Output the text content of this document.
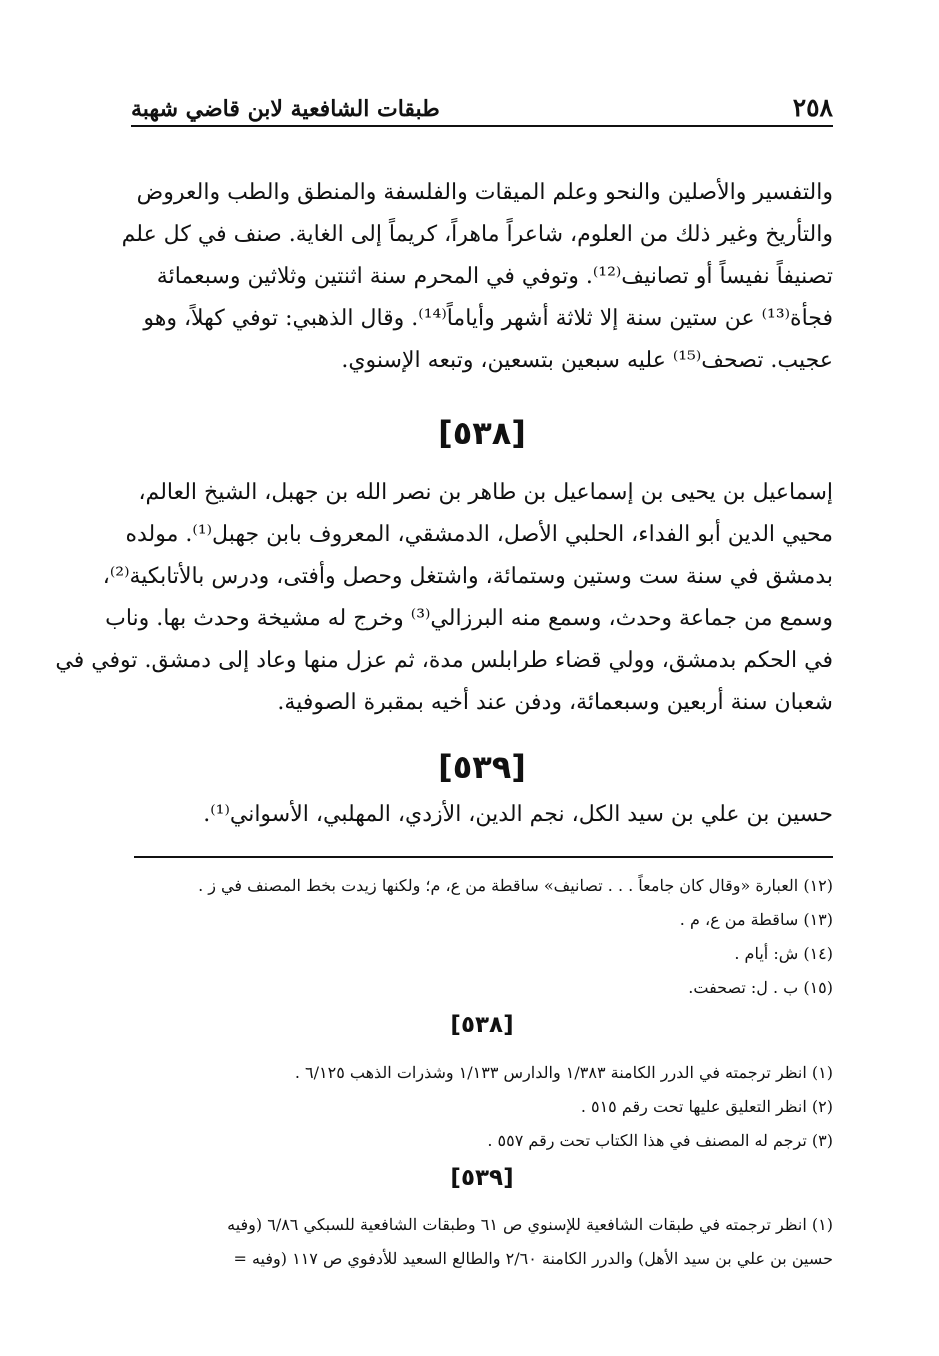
٢٥٨
طبقات الشافعية لابن قاضي شهبة
والتفسير والأصلين والنحو وعلم الميقات والفلسفة والمنطق والطب والعروض
والتأريخ وغير ذلك من العلوم، شاعراً ماهراً، كريماً إلى الغاية. صنف في كل علم
تصنيفاً نفيساً أو تصانيف⁽¹²⁾. وتوفي في المحرم سنة اثنتين وثلاثين وسبعمائة
فجأة⁽¹³⁾ عن ستين سنة إلا ثلاثة أشهر وأياماً⁽¹⁴⁾. وقال الذهبي: توفي كهلاً، وهو
عجيب. تصحف⁽¹⁵⁾ عليه سبعين بتسعين، وتبعه الإسنوي.
[٥٣٨]
إسماعيل بن يحيى بن إسماعيل بن طاهر بن نصر الله بن جهبل، الشيخ العالم،
محيي الدين أبو الفداء، الحلبي الأصل، الدمشقي، المعروف بابن جهبل⁽¹⁾. مولده
بدمشق في سنة ست وستين وستمائة، واشتغل وحصل وأفتى، ودرس بالأتابكية⁽²⁾،
وسمع من جماعة وحدث، وسمع منه البرزالي⁽³⁾ وخرج له مشيخة وحدث بها. وناب
في الحكم بدمشق، وولي قضاء طرابلس مدة، ثم عزل منها وعاد إلى دمشق. توفي في
شعبان سنة أربعين وسبعمائة، ودفن عند أخيه بمقبرة الصوفية.
[٥٣٩]
حسين بن علي بن سيد الكل، نجم الدين، الأزدي، المهلبي، الأسواني⁽¹⁾.
(١٢) العبارة «وقال كان جامعاً . . . تصانيف» ساقطة من ع، م؛ ولكنها زيدت بخط المصنف في ز .
(١٣) ساقطة من ع، م .
(١٤) ش: أيام .
(١٥) ب . ل: تصحفت.
[٥٣٨]
(١) انظر ترجمته في الدرر الكامنة ١/٣٨٣ والدارس ١/١٣٣ وشذرات الذهب ٦/١٢٥ .
(٢) انظر التعليق عليها تحت رقم ٥١٥ .
(٣) ترجم له المصنف في هذا الكتاب تحت رقم ٥٥٧ .
[٥٣٩]
(١) انظر ترجمته في طبقات الشافعية للإسنوي ص ٦١ وطبقات الشافعية للسبكي ٦/٨٦ (وفيه
حسين بن علي بن سيد الأهل) والدرر الكامنة ٢/٦٠ والطالع السعيد للأدفوي ص ١١٧ (وفيه =
